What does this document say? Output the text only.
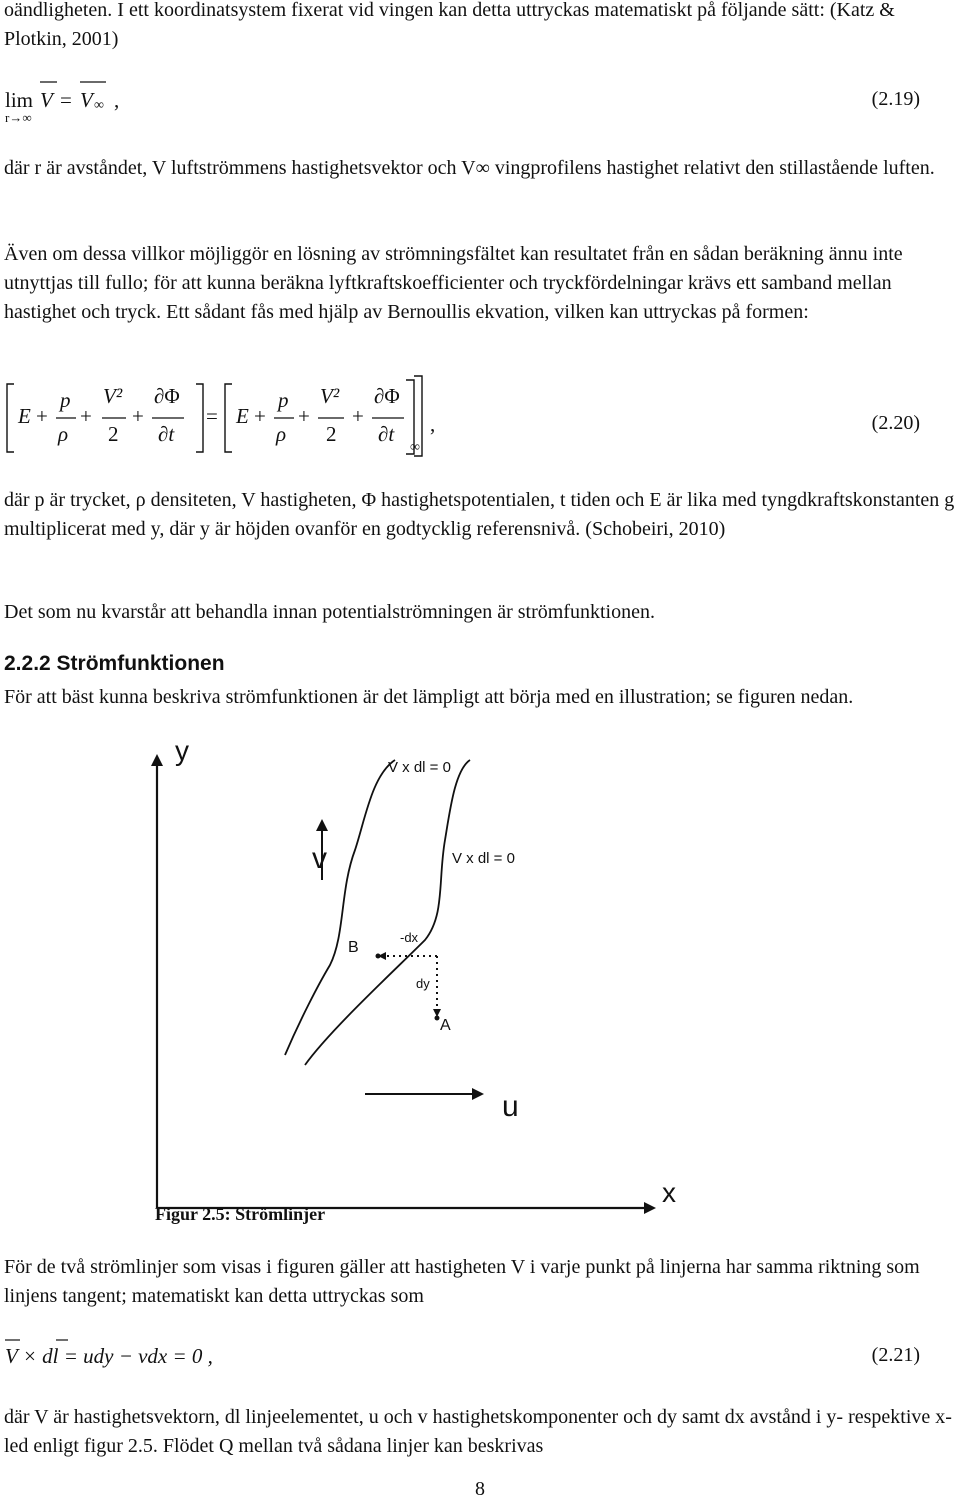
oändligheten. I ett koordinatsystem fixerat vid vingen kan detta uttryckas matematiskt på följande sätt: (Katz & Plotkin, 2001)

lim
r→∞
V = V ∞ ,	(2.19)

där r är avståndet, V luftströmmens hastighetsvektor och V∞ vingprofilens hastighet relativt den stillastående luften.

Även om dessa villkor möjliggör en lösning av strömningsfältet kan resultatet från en sådan beräkning ännu inte utnyttjas till fullo; för att kunna beräkna lyftkraftskoefficienter och tryckfördelningar krävs ett samband mellan hastighet och tryck. Ett sådant fås med hjälp av Bernoullis ekvation, vilken kan uttryckas på formen:

E +
p
ρ
+
V²
2
+
∂Φ
∂t
= E +
p
ρ
+
V²
2
+
∂Φ
∂t
∞
,	(2.20)

där p är trycket, ρ densiteten, V hastigheten, Φ hastighetspotentialen, t tiden och E är lika med tyngdkraftskonstanten g multiplicerat med y, där y är höjden ovanför en godtycklig referensnivå. (Schobeiri, 2010)

Det som nu kvarstår att behandla innan potentialströmningen är strömfunktionen.

2.2.2 Strömfunktionen

För att bäst kunna beskriva strömfunktionen är det lämpligt att börja med en illustration; se figuren nedan.

y
x
v
u
V x dl = 0
V x dl = 0
B
A
-dx
dy
Figur 2.5: Strömlinjer

För de två strömlinjer som visas i figuren gäller att hastigheten V i varje punkt på linjerna har samma riktning som linjens tangent; matematiskt kan detta uttryckas som

V × dl = udy − vdx = 0 ,	(2.21)

där V är hastighetsvektorn, dl linjeelementet, u och v hastighetskomponenter och dy samt dx avstånd i y- respektive x-led enligt figur 2.5. Flödet Q mellan två sådana linjer kan beskrivas

8
